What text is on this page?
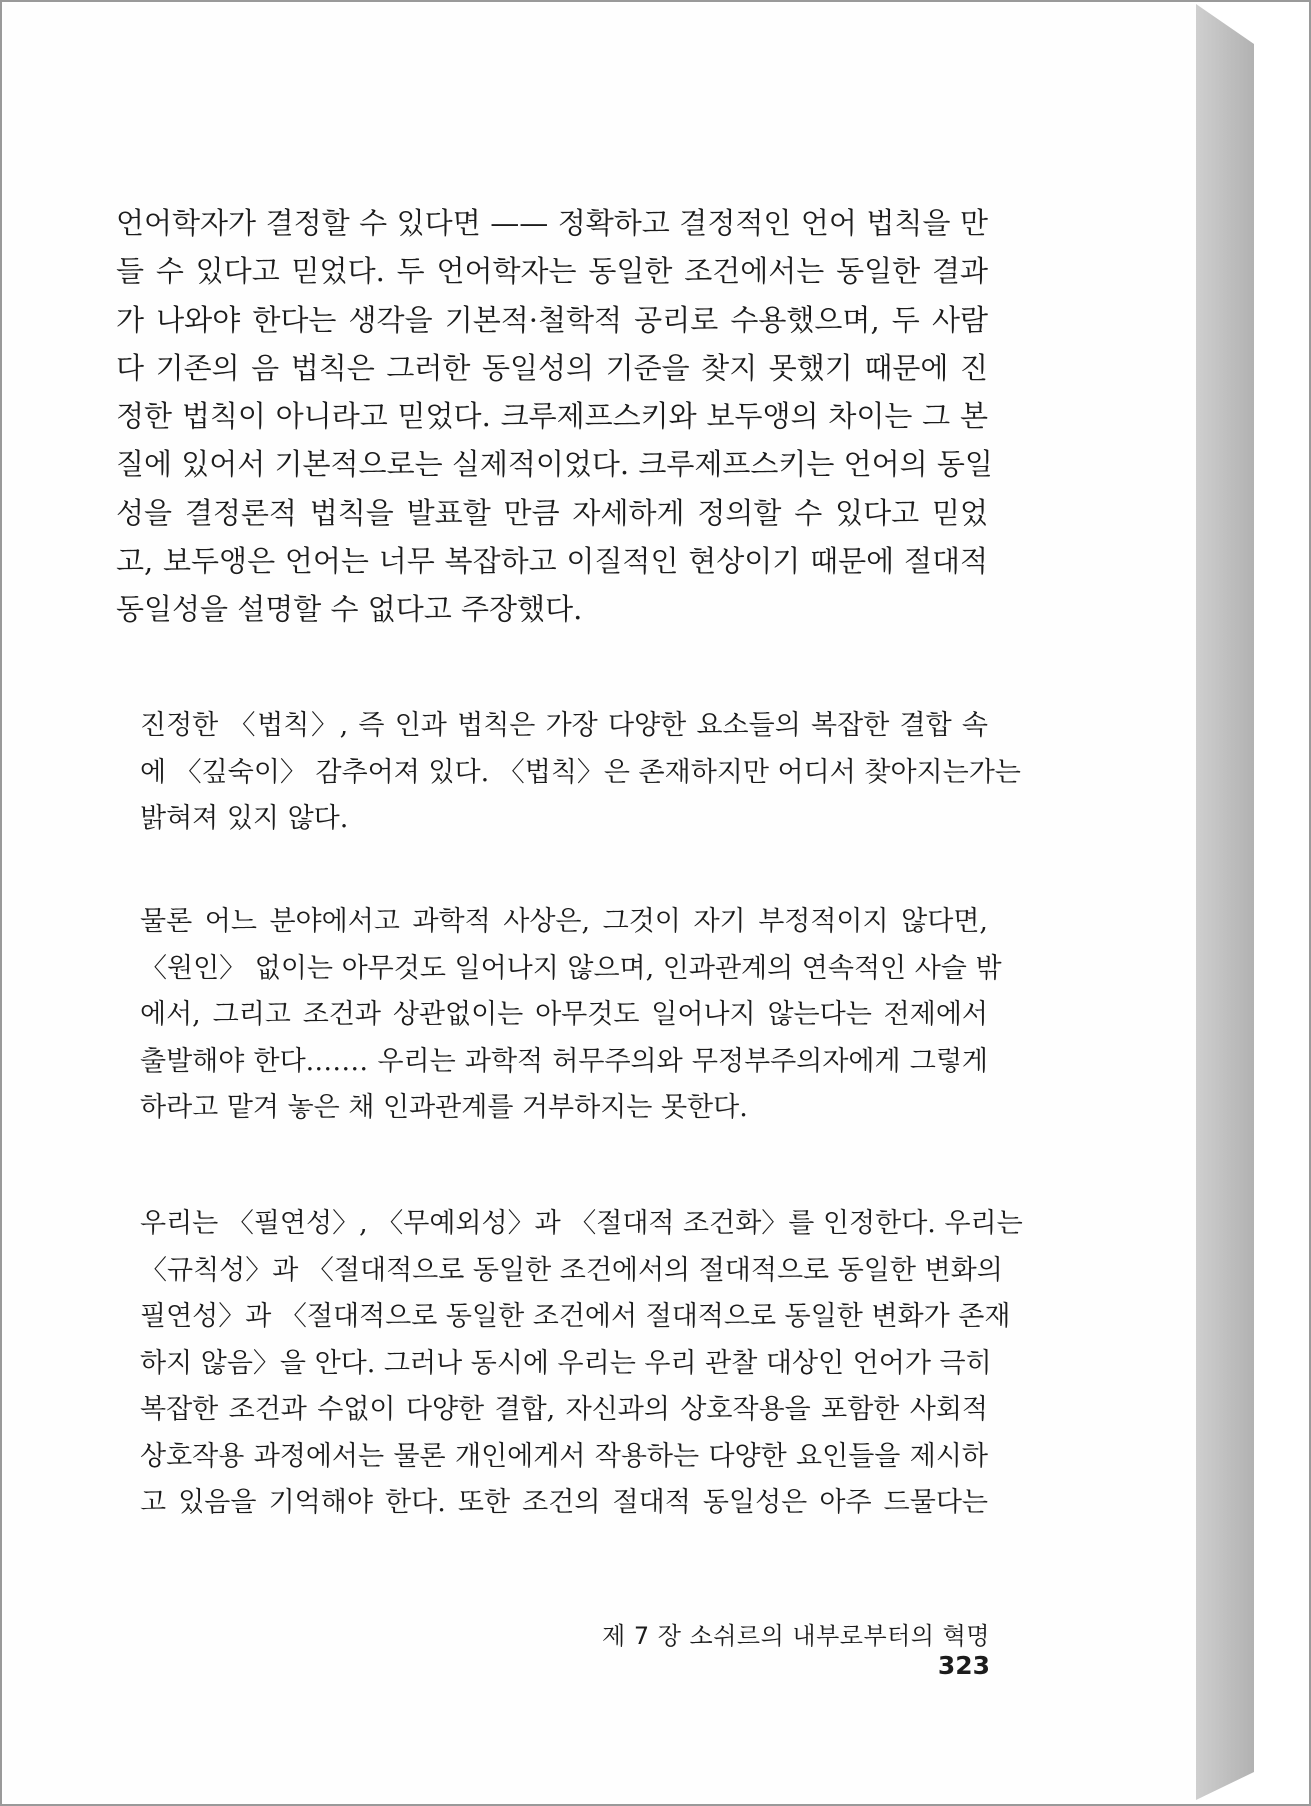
언어학자가 결정할 수 있다면 —— 정확하고 결정적인 언어 법칙을 만
들 수 있다고 믿었다. 두 언어학자는 동일한 조건에서는 동일한 결과
가 나와야 한다는 생각을 기본적·철학적 공리로 수용했으며, 두 사람
다 기존의 음 법칙은 그러한 동일성의 기준을 찾지 못했기 때문에 진
정한 법칙이 아니라고 믿었다. 크루제프스키와 보두앵의 차이는 그 본
질에 있어서 기본적으로는 실제적이었다. 크루제프스키는 언어의 동일
성을 결정론적 법칙을 발표할 만큼 자세하게 정의할 수 있다고 믿었
고, 보두앵은 언어는 너무 복잡하고 이질적인 현상이기 때문에 절대적
동일성을 설명할 수 없다고 주장했다.
진정한 〈법칙〉, 즉 인과 법칙은 가장 다양한 요소들의 복잡한 결합 속
에 〈깊숙이〉 감추어져 있다. 〈법칙〉은 존재하지만 어디서 찾아지는가는
밝혀져 있지 않다.
물론 어느 분야에서고 과학적 사상은, 그것이 자기 부정적이지 않다면,
〈원인〉 없이는 아무것도 일어나지 않으며, 인과관계의 연속적인 사슬 밖
에서, 그리고 조건과 상관없이는 아무것도 일어나지 않는다는 전제에서
출발해야 한다.…… 우리는 과학적 허무주의와 무정부주의자에게 그렇게
하라고 맡겨 놓은 채 인과관계를 거부하지는 못한다.
우리는 〈필연성〉, 〈무예외성〉과 〈절대적 조건화〉를 인정한다. 우리는
〈규칙성〉과 〈절대적으로 동일한 조건에서의 절대적으로 동일한 변화의
필연성〉과 〈절대적으로 동일한 조건에서 절대적으로 동일한 변화가 존재
하지 않음〉을 안다. 그러나 동시에 우리는 우리 관찰 대상인 언어가 극히
복잡한 조건과 수없이 다양한 결합, 자신과의 상호작용을 포함한 사회적
상호작용 과정에서는 물론 개인에게서 작용하는 다양한 요인들을 제시하
고 있음을 기억해야 한다. 또한 조건의 절대적 동일성은 아주 드물다는
제 7 장 소쉬르의 내부로부터의 혁명323
